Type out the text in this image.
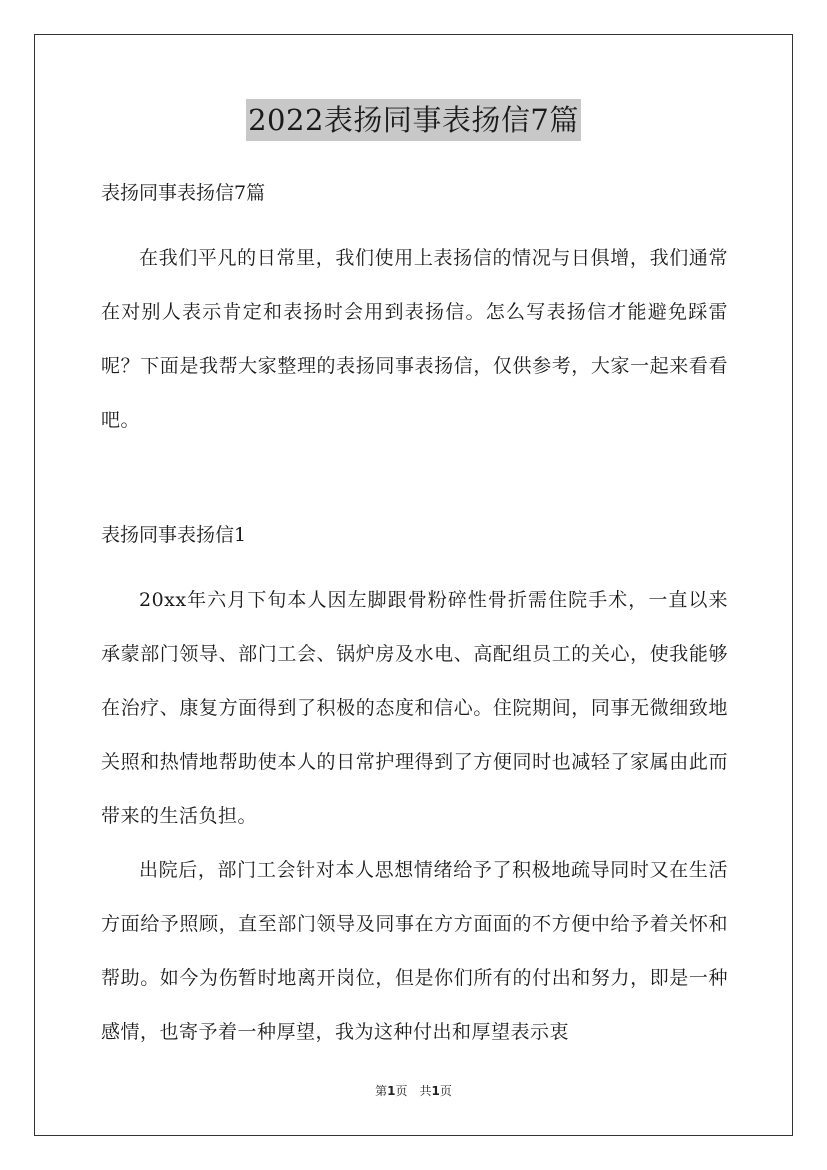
2022表扬同事表扬信7篇

表扬同事表扬信7篇

在我们平凡的日常里，我们使用上表扬信的情况与日俱增，我们通常在对别人表示肯定和表扬时会用到表扬信。怎么写表扬信才能避免踩雷呢？下面是我帮大家整理的表扬同事表扬信，仅供参考，大家一起来看看吧。

表扬同事表扬信1

20xx年六月下旬本人因左脚跟骨粉碎性骨折需住院手术，一直以来承蒙部门领导、部门工会、锅炉房及水电、高配组员工的关心，使我能够在治疗、康复方面得到了积极的态度和信心。住院期间，同事无微细致地关照和热情地帮助使本人的日常护理得到了方便同时也减轻了家属由此而带来的生活负担。

出院后，部门工会针对本人思想情绪给予了积极地疏导同时又在生活方面给予照顾，直至部门领导及同事在方方面面的不方便中给予着关怀和帮助。如今为伤暂时地离开岗位，但是你们所有的付出和努力，即是一种感情，也寄予着一种厚望，我为这种付出和厚望表示衷

第1页　共1页
